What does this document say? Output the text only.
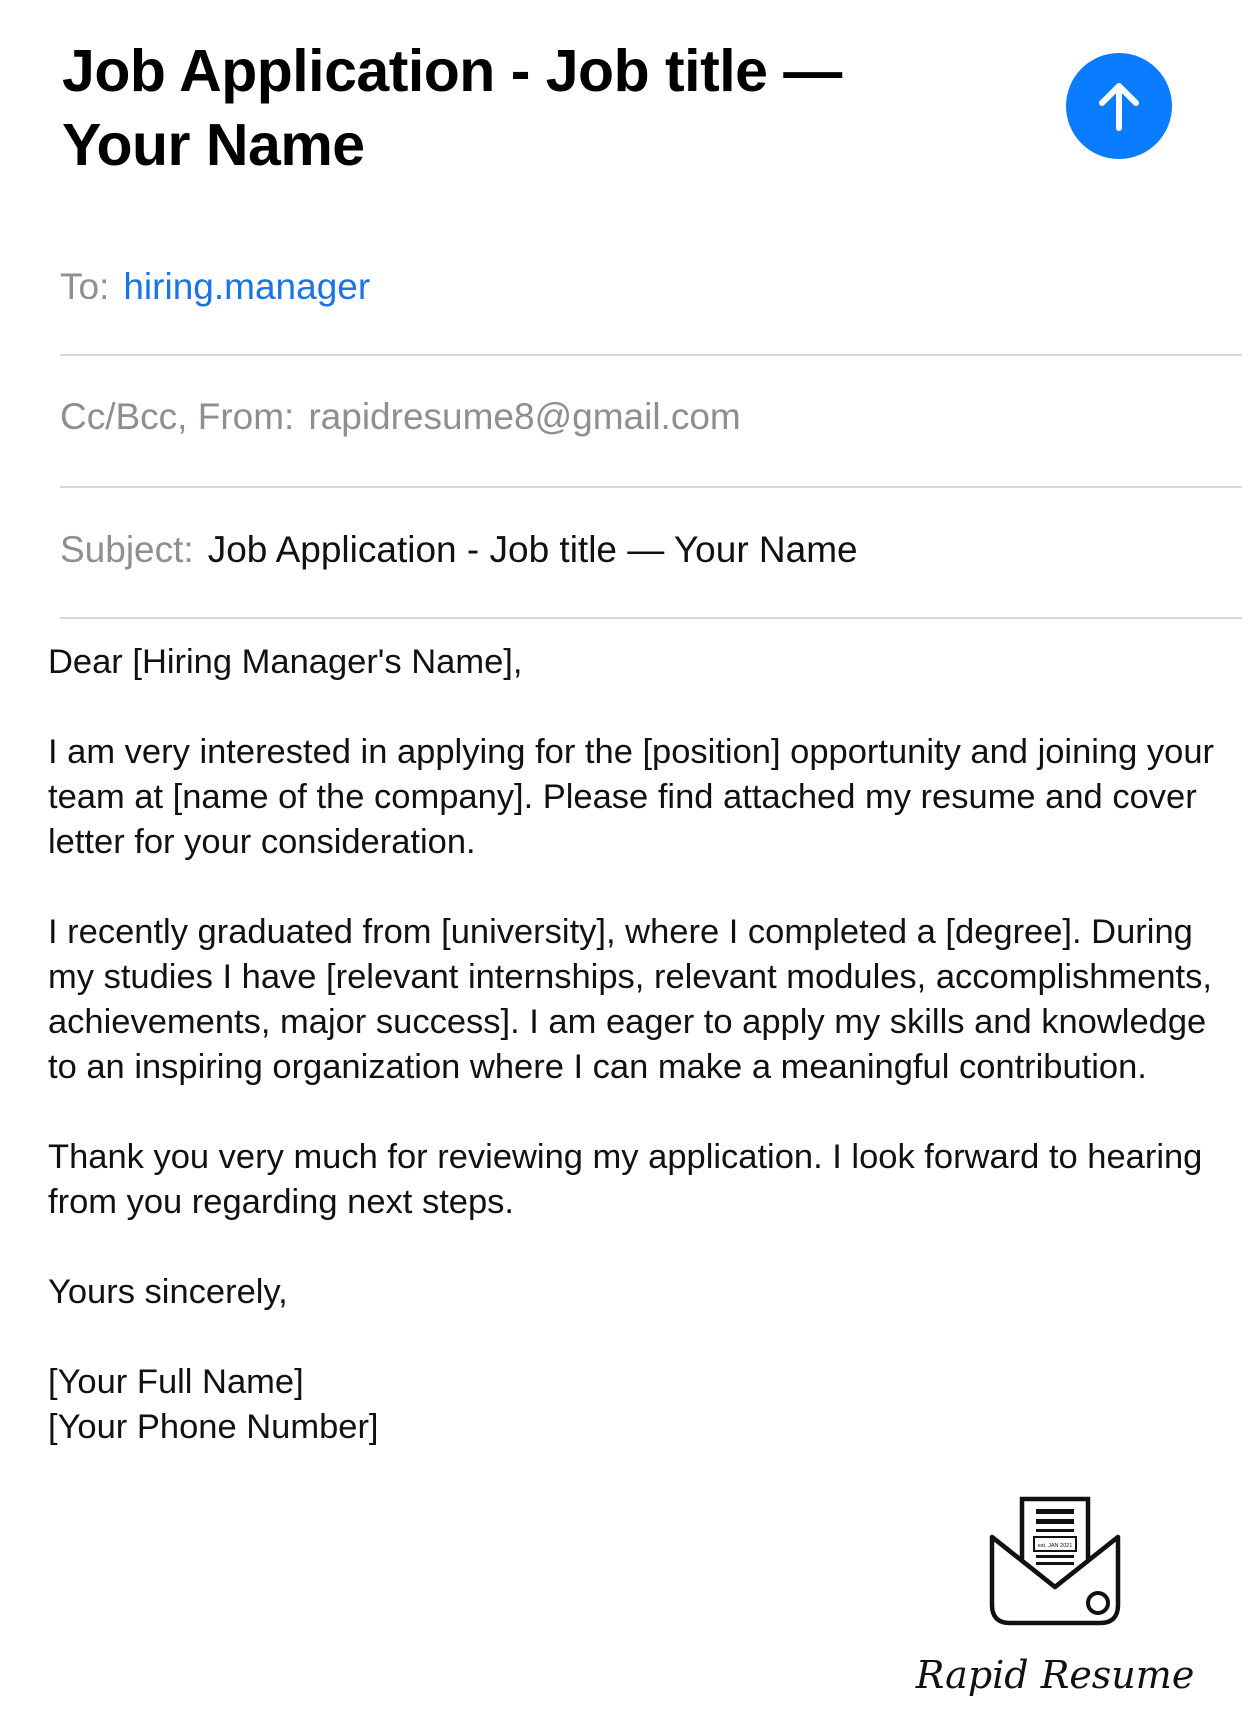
Job Application - Job title —
Your Name
To: hiring.manager
Cc/Bcc, From: rapidresume8@gmail.com
Subject: Job Application - Job title — Your Name

Dear [Hiring Manager's Name],

I am very interested in applying for the [position] opportunity and joining your team at [name of the company]. Please find attached my resume and cover letter for your consideration.

I recently graduated from [university], where I completed a [degree]. During my studies I have [relevant internships, relevant modules, accomplishments, achievements, major success]. I am eager to apply my skills and knowledge to an inspiring organization where I can make a meaningful contribution.

Thank you very much for reviewing my application. I look forward to hearing from you regarding next steps.

Yours sincerely,

[Your Full Name]

[Your Phone Number]

est. JAN 2021
Rapid Resume
